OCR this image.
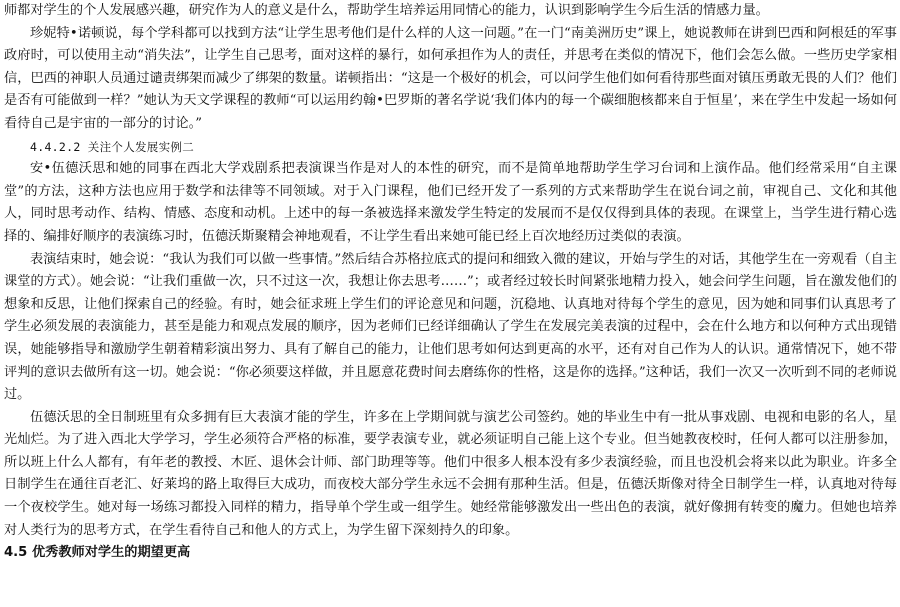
师都对学生的个人发展感兴趣，研究作为人的意义是什么，帮助学生培养运用同情心的能力，认识到影响学生今后生活的情感力量。

珍妮特•诺顿说，每个学科都可以找到方法“让学生思考他们是什么样的人这一问题。”在一门“南美洲历史”课上，她说教师在讲到巴西和阿根廷的军事政府时，可以使用主动“消失法”，让学生自己思考，面对这样的暴行，如何承担作为人的责任，并思考在类似的情况下，他们会怎么做。一些历史学家相信，巴西的神职人员通过谴责绑架而减少了绑架的数量。诺顿指出：“这是一个极好的机会，可以问学生他们如何看待那些面对镇压勇敢无畏的人们？他们是否有可能做到一样？”她认为天文学课程的教师“可以运用约翰•巴罗斯的著名学说‘我们体内的每一个碳细胞核都来自于恒星’，来在学生中发起一场如何看待自己是宇宙的一部分的讨论。”

4.4.2.2 关注个人发展实例二

安•伍德沃思和她的同事在西北大学戏剧系把表演课当作是对人的本性的研究，而不是简单地帮助学生学习台词和上演作品。他们经常采用“自主课堂”的方法，这种方法也应用于数学和法律等不同领域。对于入门课程，他们已经开发了一系列的方式来帮助学生在说台词之前，审视自己、文化和其他人，同时思考动作、结构、情感、态度和动机。上述中的每一条被选择来激发学生特定的发展而不是仅仅得到具体的表现。在课堂上，当学生进行精心选择的、编排好顺序的表演练习时，伍德沃斯聚精会神地观看，不让学生看出来她可能已经上百次地经历过类似的表演。

表演结束时，她会说：“我认为我们可以做一些事情。”然后结合苏格拉底式的提问和细致入微的建议，开始与学生的对话，其他学生在一旁观看（自主课堂的方式）。她会说：“让我们重做一次，只不过这一次，我想让你去思考……”；或者经过较长时间紧张地精力投入，她会问学生问题，旨在激发他们的想象和反思，让他们探索自己的经验。有时，她会征求班上学生们的评论意见和问题，沉稳地、认真地对待每个学生的意见，因为她和同事们认真思考了学生必须发展的表演能力，甚至是能力和观点发展的顺序，因为老师们已经详细确认了学生在发展完美表演的过程中，会在什么地方和以何种方式出现错误，她能够指导和激励学生朝着精彩演出努力、具有了解自己的能力，让他们思考如何达到更高的水平，还有对自己作为人的认识。通常情况下，她不带评判的意识去做所有这一切。她会说：“你必须要这样做，并且愿意花费时间去磨练你的性格，这是你的选择。”这种话，我们一次又一次听到不同的老师说过。

伍德沃思的全日制班里有众多拥有巨大表演才能的学生，许多在上学期间就与演艺公司签约。她的毕业生中有一批从事戏剧、电视和电影的名人，星光灿烂。为了进入西北大学学习，学生必须符合严格的标准，要学表演专业，就必须证明自己能上这个专业。但当她教夜校时，任何人都可以注册参加，所以班上什么人都有，有年老的教授、木匠、退休会计师、部门助理等等。他们中很多人根本没有多少表演经验，而且也没机会将来以此为职业。许多全日制学生在通往百老汇、好莱坞的路上取得巨大成功，而夜校大部分学生永远不会拥有那种生活。但是，伍德沃斯像对待全日制学生一样，认真地对待每一个夜校学生。她对每一场练习都投入同样的精力，指导单个学生或一组学生。她经常能够激发出一些出色的表演，就好像拥有转变的魔力。但她也培养对人类行为的思考方式，在学生看待自己和他人的方式上，为学生留下深刻持久的印象。

4.5 优秀教师对学生的期望更高
